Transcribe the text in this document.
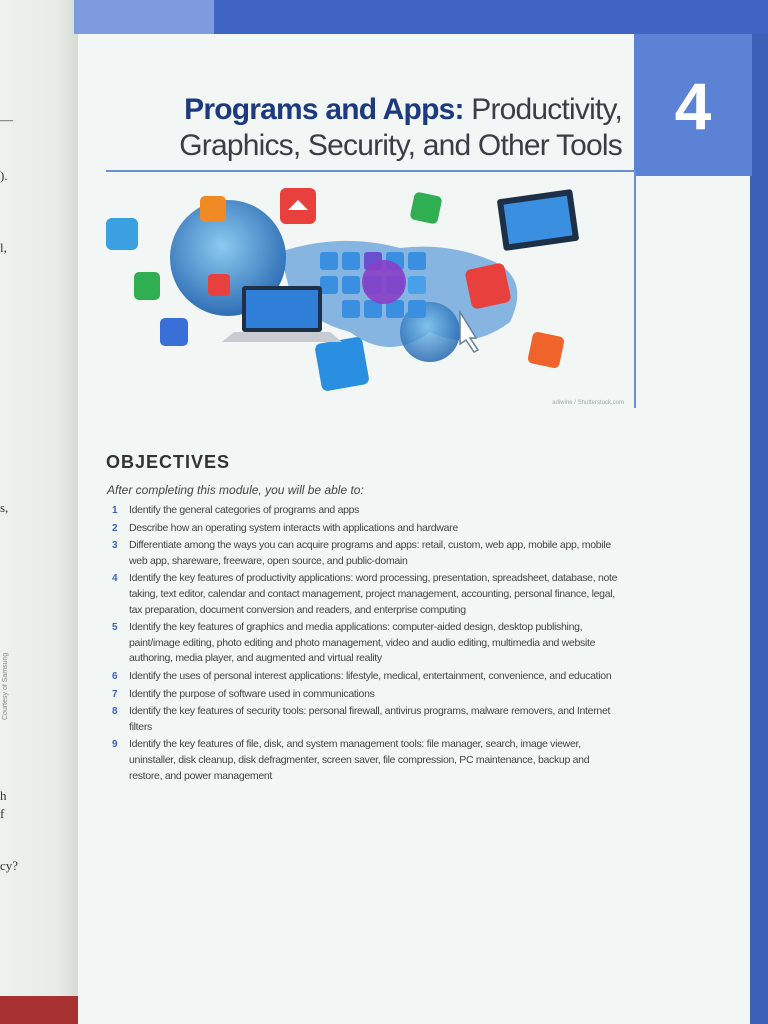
—
).
l,
s,
h
f
cy?
Courtesy of Samsung
4
Programs and Apps: Productivity,
Graphics, Security, and Other Tools
adiwine / Shutterstock.com
OBJECTIVES
After completing this module, you will be able to:
1 Identify the general categories of programs and apps
2 Describe how an operating system interacts with applications and hardware
3 Differentiate among the ways you can acquire programs and apps: retail, custom, web app, mobile app, mobile web app, shareware, freeware, open source, and public-domain
4 Identify the key features of productivity applications: word processing, presentation, spreadsheet, database, note taking, text editor, calendar and contact management, project management, accounting, personal finance, legal, tax preparation, document conversion and readers, and enterprise computing
5 Identify the key features of graphics and media applications: computer-aided design, desktop publishing, paint/image editing, photo editing and photo management, video and audio editing, multimedia and website authoring, media player, and augmented and virtual reality
6 Identify the uses of personal interest applications: lifestyle, medical, entertainment, convenience, and education
7 Identify the purpose of software used in communications
8 Identify the key features of security tools: personal firewall, antivirus programs, malware removers, and Internet filters
9 Identify the key features of file, disk, and system management tools: file manager, search, image viewer, uninstaller, disk cleanup, disk defragmenter, screen saver, file compression, PC maintenance, backup and restore, and power management
